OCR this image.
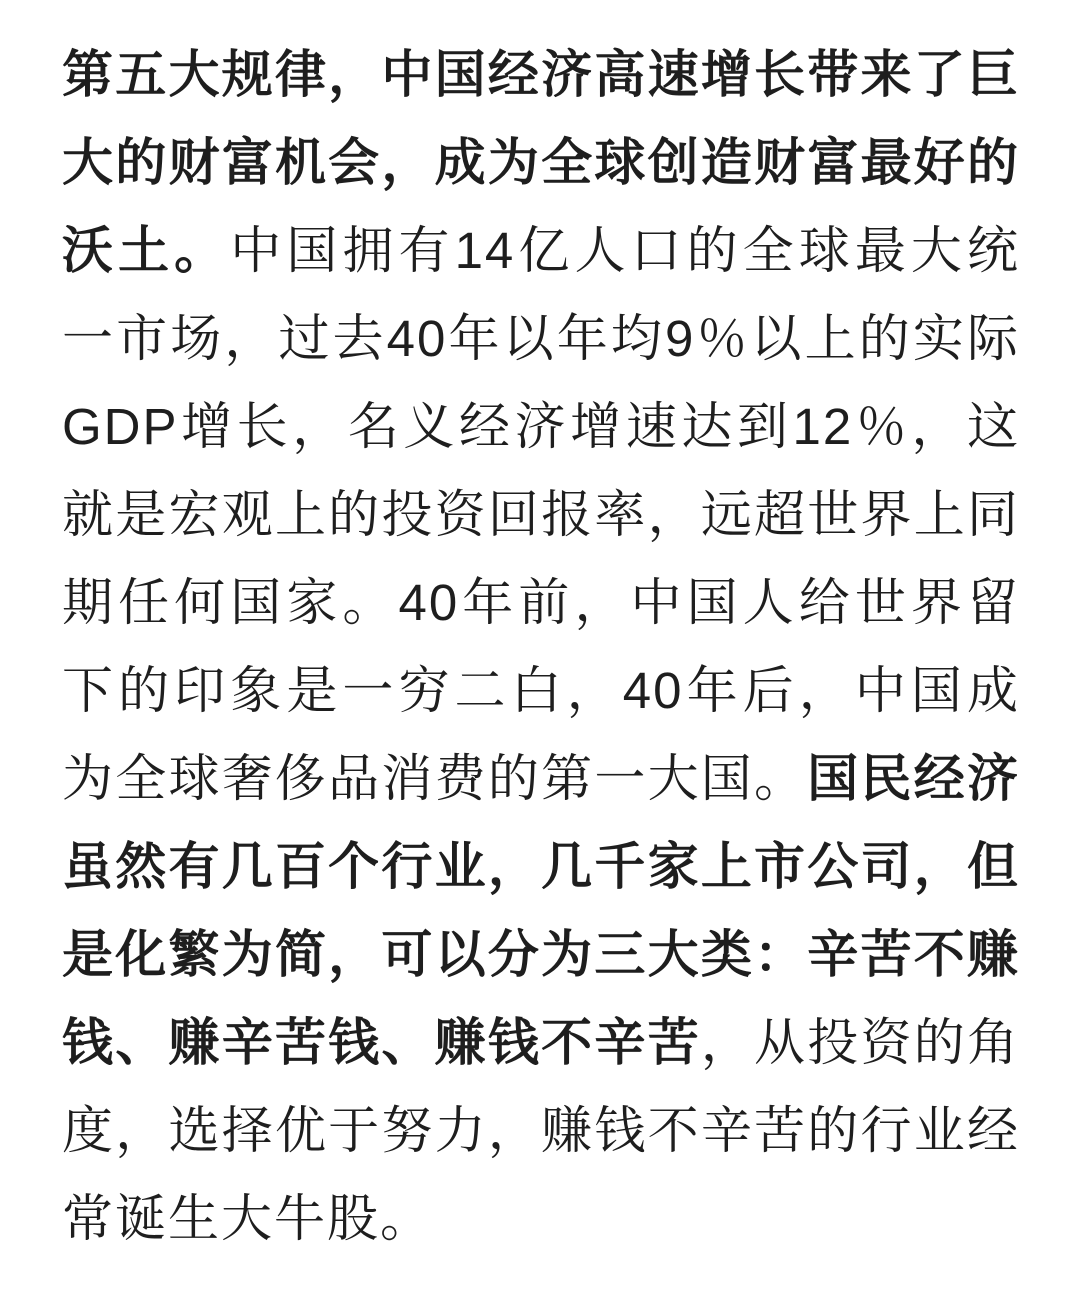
第五大规律，中国经济高速增长带来了巨大的财富机会，成为全球创造财富最好的沃土。中国拥有14亿人口的全球最大统一市场，过去40年以年均9％以上的实际GDP增长，名义经济增速达到12％，这就是宏观上的投资回报率，远超世界上同期任何国家。40年前，中国人给世界留下的印象是一穷二白，40年后，中国成为全球奢侈品消费的第一大国。国民经济虽然有几百个行业，几千家上市公司，但是化繁为简，可以分为三大类：辛苦不赚钱、赚辛苦钱、赚钱不辛苦，从投资的角度，选择优于努力，赚钱不辛苦的行业经常诞生大牛股。
